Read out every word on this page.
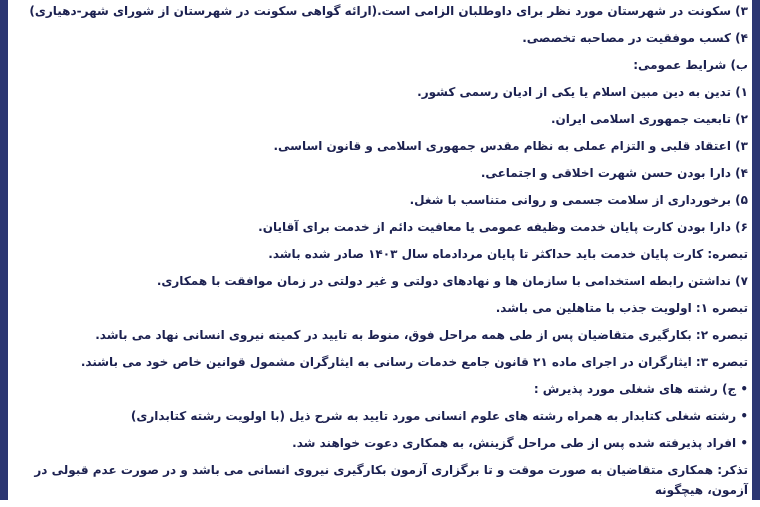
۳) سکونت در شهرستان مورد نظر برای داوطلبان الزامی است.(ارائه گواهی سکونت در شهرستان از شورای شهر-دهیاری)
۴) کسب موفقیت در مصاحبه تخصصی.
ب) شرایط عمومی:
۱) تدین به دین مبین اسلام یا یکی از ادیان رسمی کشور.
۲) تابعیت جمهوری اسلامی ایران.
۳) اعتقاد قلبی و التزام عملی به نظام مقدس جمهوری اسلامی و قانون اساسی.
۴) دارا بودن حسن شهرت اخلاقی و اجتماعی.
۵) برخورداری از سلامت جسمی و روانی متناسب با شغل.
۶) دارا بودن کارت پایان خدمت وظیفه عمومی یا معافیت دائم از خدمت برای آقایان.
تبصره: کارت پایان خدمت باید حداکثر تا پایان مردادماه سال ۱۴۰۳ صادر شده باشد.
۷) نداشتن رابطه استخدامی با سازمان ها و نهادهای دولتی و غیر دولتی در زمان موافقت با همکاری.
تبصره ۱: اولویت جذب با متاهلین می باشد.
تبصره ۲: بکارگیری متقاضیان پس از طی همه مراحل فوق، منوط به تایید در کمیته نیروی انسانی نهاد می باشد.
تبصره ۳: ایثارگران در اجرای ماده ۲۱ قانون جامع خدمات رسانی به ایثارگران مشمول قوانین خاص خود می باشند.
• ج) رشته های شغلی مورد پذیرش :
• رشته شغلی کتابدار به همراه رشته های علوم انسانی مورد تایید به شرح ذیل (با اولویت رشته کتابداری)
• افراد پذیرفته شده پس از طی مراحل گزینش، به همکاری دعوت خواهند شد.
تذکر: همکاری متقاضیان به صورت موقت و تا برگزاری آزمون بکارگیری نیروی انسانی می باشد و در صورت عدم قبولی در آزمون، هیچگونه
